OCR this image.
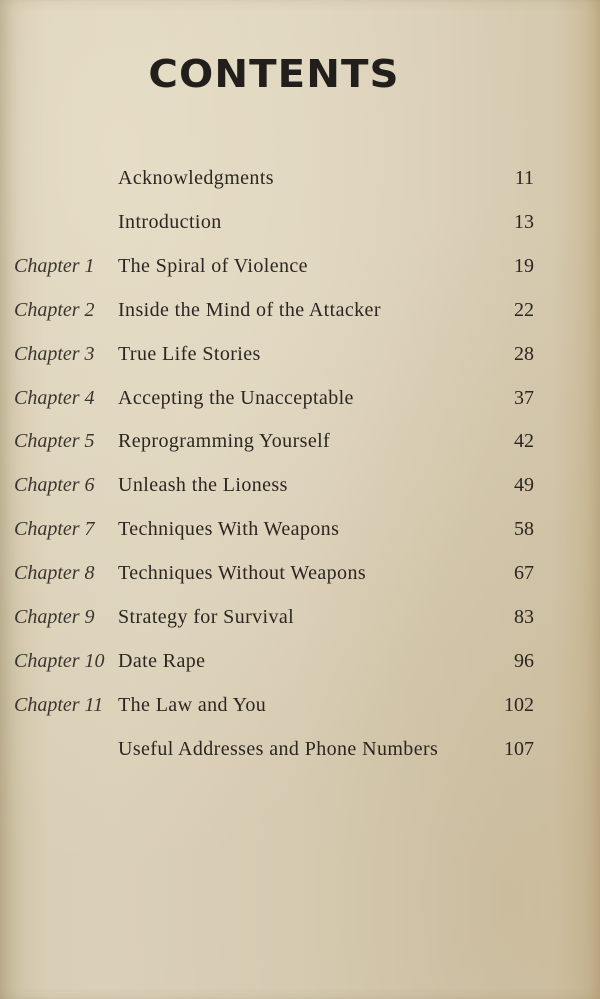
CONTENTS
Acknowledgments	11
Introduction	13
Chapter 1 The Spiral of Violence	19
Chapter 2 Inside the Mind of the Attacker	22
Chapter 3 True Life Stories	28
Chapter 4 Accepting the Unacceptable	37
Chapter 5 Reprogramming Yourself	42
Chapter 6 Unleash the Lioness	49
Chapter 7 Techniques With Weapons	58
Chapter 8 Techniques Without Weapons	67
Chapter 9 Strategy for Survival	83
Chapter 10 Date Rape	96
Chapter 11 The Law and You	102
Useful Addresses and Phone Numbers	107
